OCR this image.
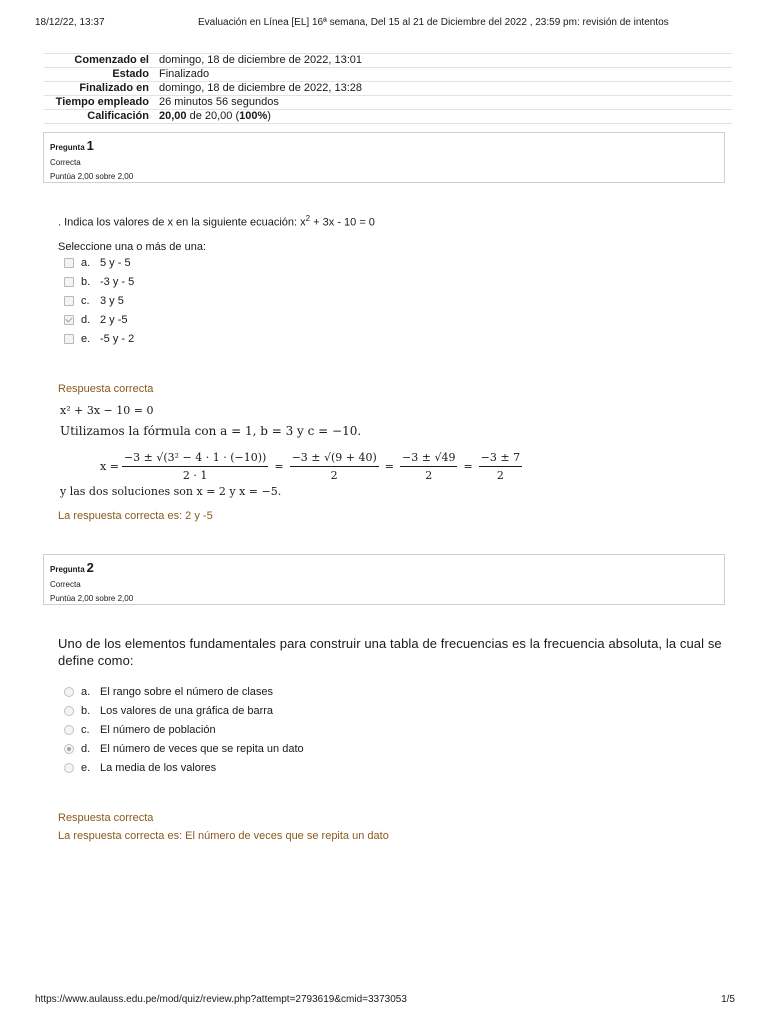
18/12/22, 13:37	Evaluación en Línea [EL] 16ª semana, Del 15 al 21 de Diciembre del 2022 , 23:59 pm: revisión de intentos
Comenzado el domingo, 18 de diciembre de 2022, 13:01
Estado Finalizado
Finalizado en domingo, 18 de diciembre de 2022, 13:28
Tiempo empleado 26 minutos 56 segundos
Calificación 20,00 de 20,00 (100%)
Pregunta 1
Correcta
Puntúa 2,00 sobre 2,00
. Indica los valores de x en la siguiente ecuación: $x^2 + 3x - 10 = 0$
Seleccione una o más de una:
a. 5 y - 5
b. -3 y - 5
c. 3 y 5
d. 2 y -5
e. -5 y - 2
Respuesta correcta
x² + 3x − 10 = 0
Utilizamos la fórmula con a = 1, b = 3 y c = −10.
$x = \frac{\text{−3 ± √(3² − 4 · 1 · (−10))}}{2 \cdot 1} = \frac{-3 \pm √(9 + 40)}{2} = \frac{-3 \pm √49}{2} = \frac{-3 \pm 7}{2}$
y las dos soluciones son x = 2 y x = −5.
La respuesta correcta es: 2 y -5
Pregunta 2
Correcta
Puntúa 2,00 sobre 2,00
Uno de los elementos fundamentales para construir una tabla de frecuencias es la frecuencia absoluta, la cual se define como:
a. El rango sobre el número de clases
b. Los valores de una gráfica de barra
c. El número de población
d. El número de veces que se repita un dato
e. La media de los valores
Respuesta correcta
La respuesta correcta es: El número de veces que se repita un dato
https://www.aulauss.edu.pe/mod/quiz/review.php?attempt=2793619&cmid=3373053	1/5
